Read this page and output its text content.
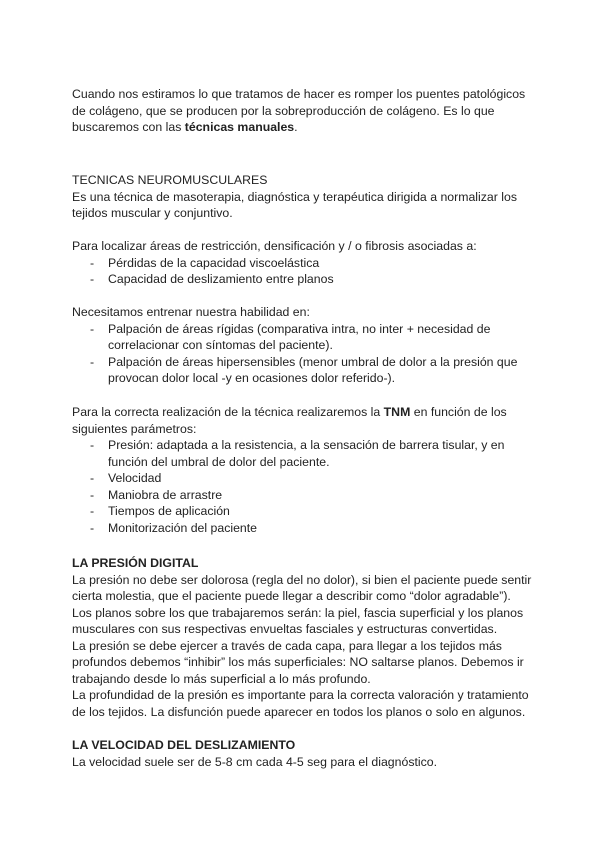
Cuando nos estiramos lo que tratamos de hacer es romper los puentes patológicos

de colágeno, que se producen por la sobreproducción de colágeno. Es lo que

buscaremos con las técnicas manuales.

TECNICAS NEUROMUSCULARES

Es una técnica de masoterapia, diagnóstica y terapéutica dirigida a normalizar los

tejidos muscular y conjuntivo.

Para localizar áreas de restricción, densificación y / o fibrosis asociadas a:

- Pérdidas de la capacidad viscoelástica
- Capacidad de deslizamiento entre planos

Necesitamos entrenar nuestra habilidad en:

- Palpación de áreas rígidas (comparativa intra, no inter + necesidad de
correlacionar con síntomas del paciente).
- Palpación de áreas hipersensibles (menor umbral de dolor a la presión que
provocan dolor local -y en ocasiones dolor referido-).

Para la correcta realización de la técnica realizaremos la TNM en función de los

siguientes parámetros:

- Presión: adaptada a la resistencia, a la sensación de barrera tisular, y en
función del umbral de dolor del paciente.
- Velocidad
- Maniobra de arrastre
- Tiempos de aplicación
- Monitorización del paciente

LA PRESIÓN DIGITAL

La presión no debe ser dolorosa (regla del no dolor), si bien el paciente puede sentir

cierta molestia, que el paciente puede llegar a describir como “dolor agradable”).

Los planos sobre los que trabajaremos serán: la piel, fascia superficial y los planos

musculares con sus respectivas envueltas fasciales y estructuras convertidas.

La presión se debe ejercer a través de cada capa, para llegar a los tejidos más

profundos debemos “inhibir” los más superficiales: NO saltarse planos. Debemos ir

trabajando desde lo más superficial a lo más profundo.

La profundidad de la presión es importante para la correcta valoración y tratamiento

de los tejidos. La disfunción puede aparecer en todos los planos o solo en algunos.

LA VELOCIDAD DEL DESLIZAMIENTO

La velocidad suele ser de 5-8 cm cada 4-5 seg para el diagnóstico.
